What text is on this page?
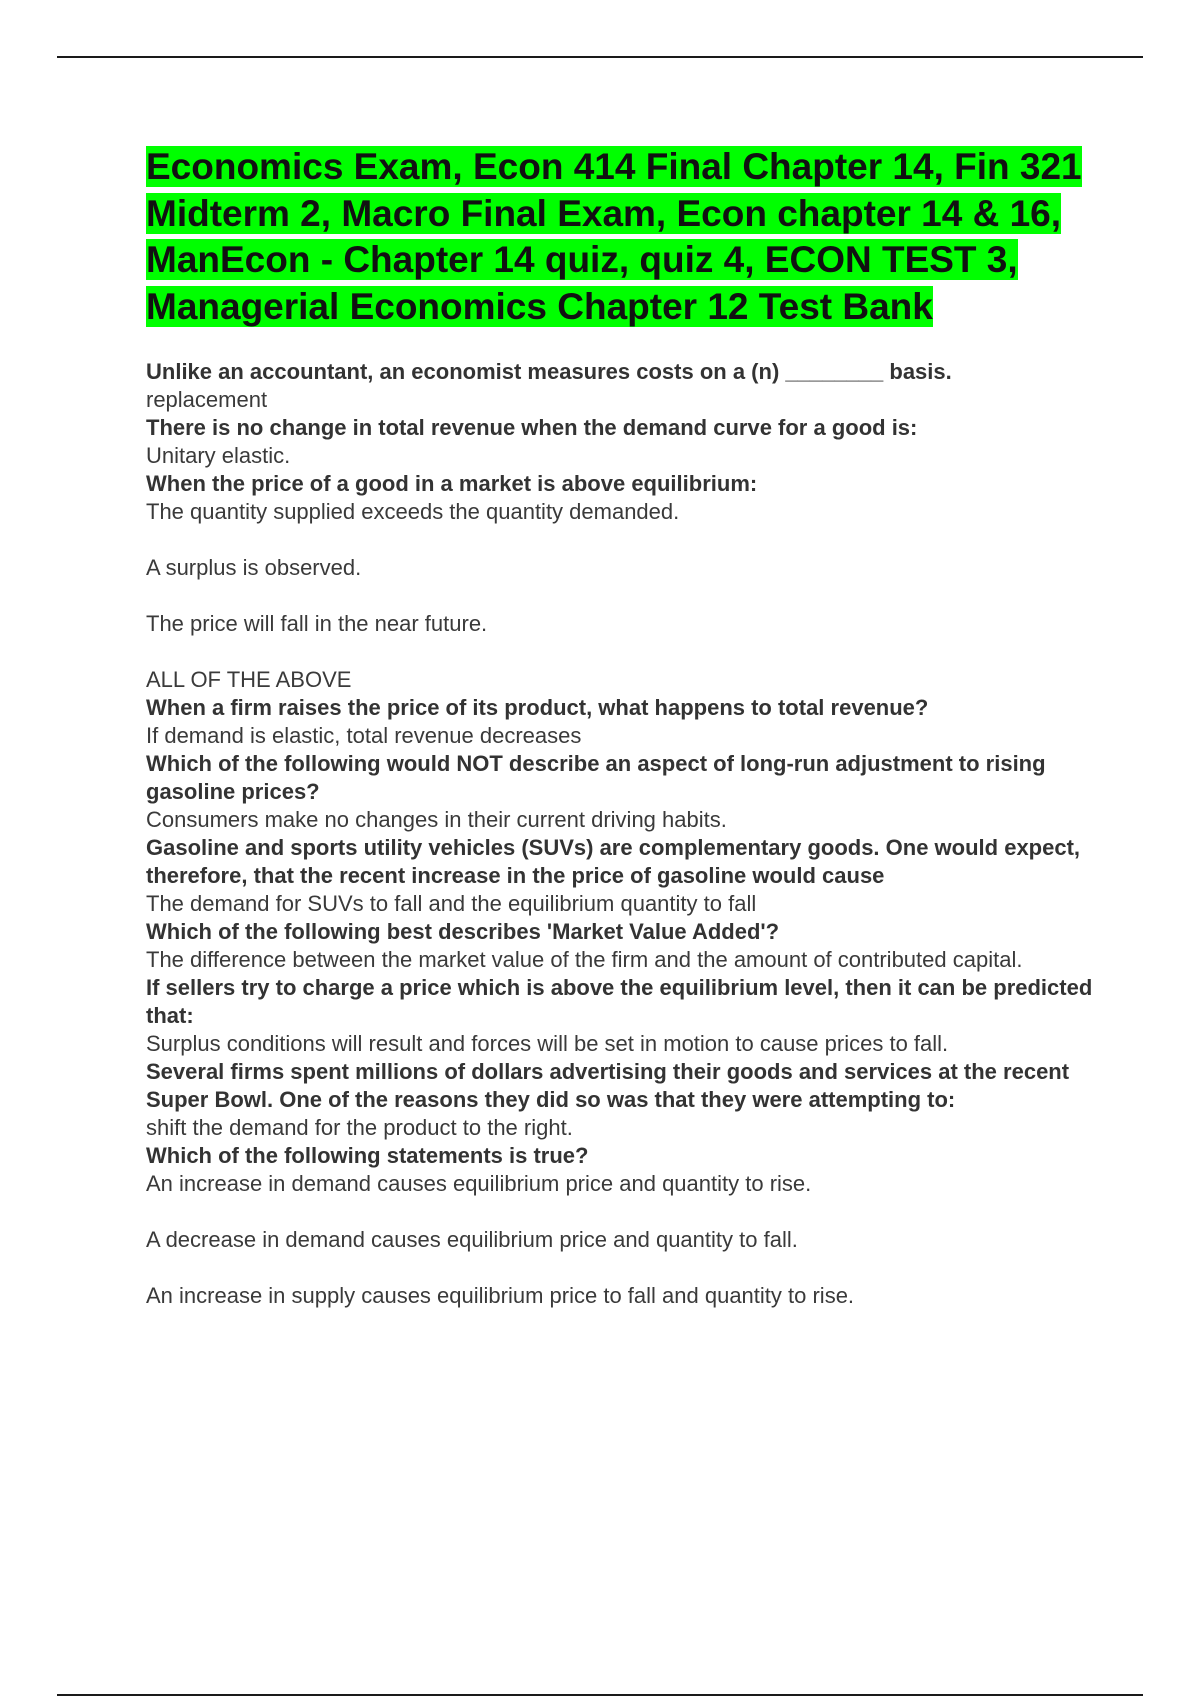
Economics Exam, Econ 414 Final Chapter 14, Fin 321 Midterm 2, Macro Final Exam, Econ chapter 14 & 16, ManEcon - Chapter 14 quiz, quiz 4, ECON TEST 3, Managerial Economics Chapter 12 Test Bank
Unlike an accountant, an economist measures costs on a (n) ________ basis.
replacement
There is no change in total revenue when the demand curve for a good is:
Unitary elastic.
When the price of a good in a market is above equilibrium:
The quantity supplied exceeds the quantity demanded.

A surplus is observed.

The price will fall in the near future.

ALL OF THE ABOVE
When a firm raises the price of its product, what happens to total revenue?
If demand is elastic, total revenue decreases
Which of the following would NOT describe an aspect of long-run adjustment to rising gasoline prices?
Consumers make no changes in their current driving habits.
Gasoline and sports utility vehicles (SUVs) are complementary goods. One would expect, therefore, that the recent increase in the price of gasoline would cause
The demand for SUVs to fall and the equilibrium quantity to fall
Which of the following best describes 'Market Value Added'?
The difference between the market value of the firm and the amount of contributed capital.
If sellers try to charge a price which is above the equilibrium level, then it can be predicted that:
Surplus conditions will result and forces will be set in motion to cause prices to fall.
Several firms spent millions of dollars advertising their goods and services at the recent Super Bowl. One of the reasons they did so was that they were attempting to:
shift the demand for the product to the right.
Which of the following statements is true?
An increase in demand causes equilibrium price and quantity to rise.

A decrease in demand causes equilibrium price and quantity to fall.

An increase in supply causes equilibrium price to fall and quantity to rise.
